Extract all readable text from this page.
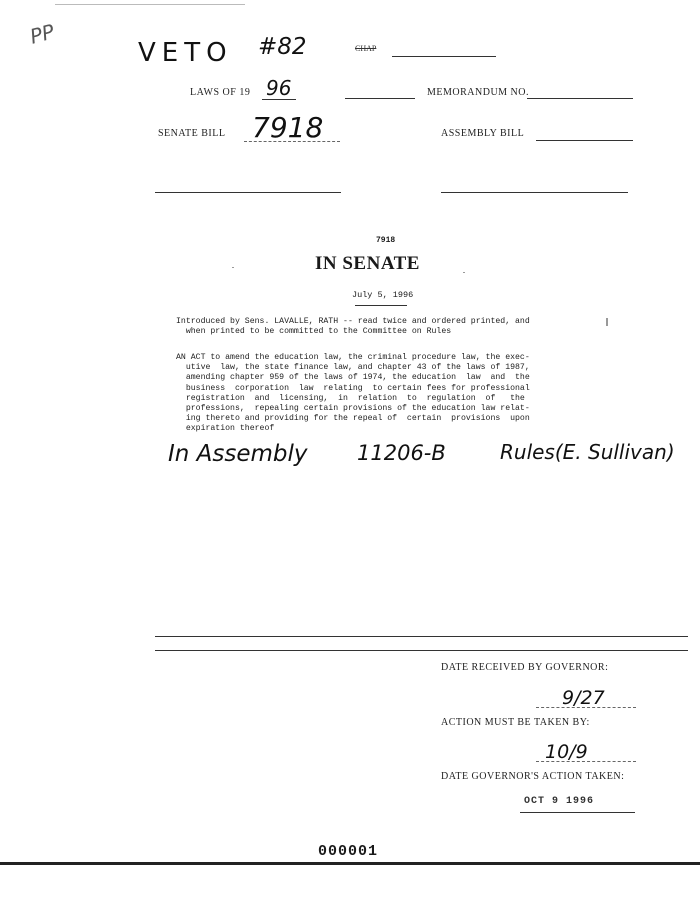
PP
VETO #82	CHAP
LAWS OF 19 96	MEMORANDUM NO.
SENATE BILL 7918	ASSEMBLY BILL
7918
IN SENATE
July 5, 1996
Introduced by Sens. LAVALLE, RATH -- read twice and ordered printed, and
when printed to be committed to the Committee on Rules
AN ACT to amend the education law, the criminal procedure law, the exec-
utive  law, the state finance law, and chapter 43 of the laws of 1987,
amending chapter 959 of the laws of 1974, the education  law  and  the
business  corporation  law  relating  to certain fees for professional
registration  and  licensing,  in  relation  to  regulation  of   the
professions,  repealing certain provisions of the education law relat-
ing thereto and providing for the repeal of  certain  provisions  upon
expiration thereof
In Assembly 11206-B	Rules(E. Sullivan)
DATE RECEIVED BY GOVERNOR:
9/27
ACTION MUST BE TAKEN BY:
10/9
DATE GOVERNOR'S ACTION TAKEN:
OCT 9 1996
000001
